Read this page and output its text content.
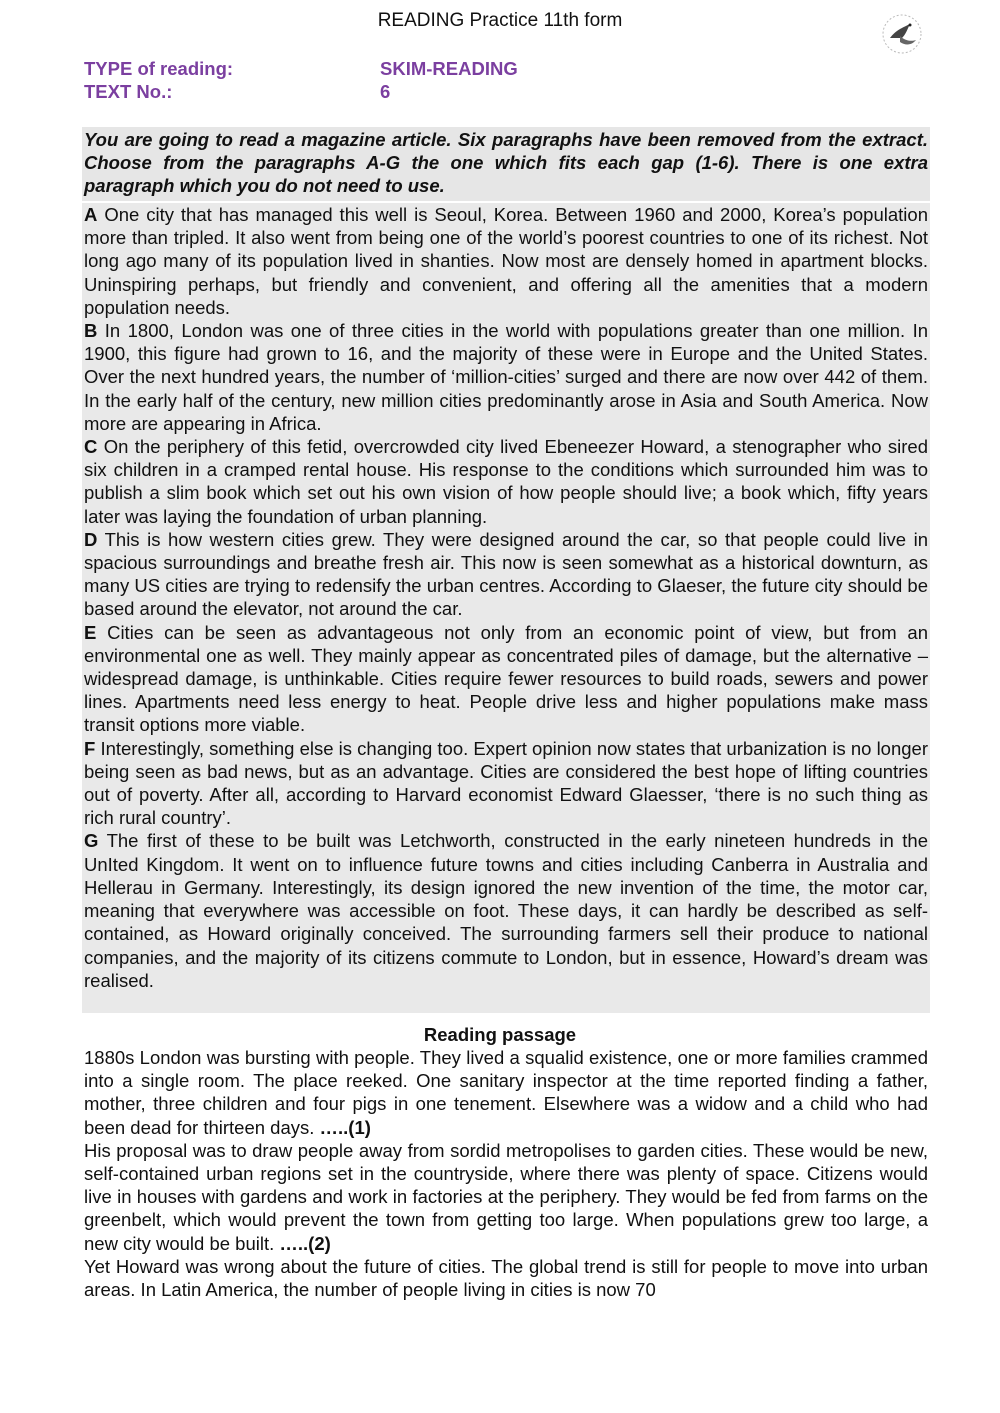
READING Practice 11th form
TYPE of reading:	SKIM-READING
TEXT No.:	6
You are going to read a magazine article. Six paragraphs have been removed from the extract. Choose from the paragraphs A-G the one which fits each gap (1-6). There is one extra paragraph which you do not need to use.

A One city that has managed this well is Seoul, Korea. Between 1960 and 2000, Korea’s population more than tripled. It also went from being one of the world’s poorest countries to one of its richest. Not long ago many of its population lived in shanties. Now most are densely homed in apartment blocks. Uninspiring perhaps, but friendly and convenient, and offering all the amenities that a modern population needs.

B In 1800, London was one of three cities in the world with populations greater than one million. In 1900, this figure had grown to 16, and the majority of these were in Europe and the United States. Over the next hundred years, the number of ‘million-cities’ surged and there are now over 442 of them. In the early half of the century, new million cities predominantly arose in Asia and South America. Now more are appearing in Africa.

C On the periphery of this fetid, overcrowded city lived Ebeneezer Howard, a stenographer who sired six children in a cramped rental house. His response to the conditions which surrounded him was to publish a slim book which set out his own vision of how people should live; a book which, fifty years later was laying the foundation of urban planning.

D This is how western cities grew. They were designed around the car, so that people could live in spacious surroundings and breathe fresh air. This now is seen somewhat as a historical downturn, as many US cities are trying to redensify the urban centres. According to Glaeser, the future city should be based around the elevator, not around the car.

E Cities can be seen as advantageous not only from an economic point of view, but from an environmental one as well. They mainly appear as concentrated piles of damage, but the alternative – widespread damage, is unthinkable. Cities require fewer resources to build roads, sewers and power lines. Apartments need less energy to heat. People drive less and higher populations make mass transit options more viable.

F Interestingly, something else is changing too. Expert opinion now states that urbanization is no longer being seen as bad news, but as an advantage. Cities are considered the best hope of lifting countries out of poverty. After all, according to Harvard economist Edward Glaesser, ‘there is no such thing as rich rural country’.

G The first of these to be built was Letchworth, constructed in the early nineteen hundreds in the UnIted Kingdom. It went on to influence future towns and cities including Canberra in Australia and Hellerau in Germany. Interestingly, its design ignored the new invention of the time, the motor car, meaning that everywhere was accessible on foot. These days, it can hardly be described as self-contained, as Howard originally conceived. The surrounding farmers sell their produce to national companies, and the majority of its citizens commute to London, but in essence, Howard’s dream was realised.

Reading passage

1880s London was bursting with people. They lived a squalid existence, one or more families crammed into a single room. The place reeked. One sanitary inspector at the time reported finding a father, mother, three children and four pigs in one tenement. Elsewhere was a widow and a child who had been dead for thirteen days. …..(1)

His proposal was to draw people away from sordid metropolises to garden cities. These would be new, self-contained urban regions set in the countryside, where there was plenty of space. Citizens would live in houses with gardens and work in factories at the periphery. They would be fed from farms on the greenbelt, which would prevent the town from getting too large. When populations grew too large, a new city would be built. …..(2)

Yet Howard was wrong about the future of cities. The global trend is still for people to move into urban areas. In Latin America, the number of people living in cities is now 70
